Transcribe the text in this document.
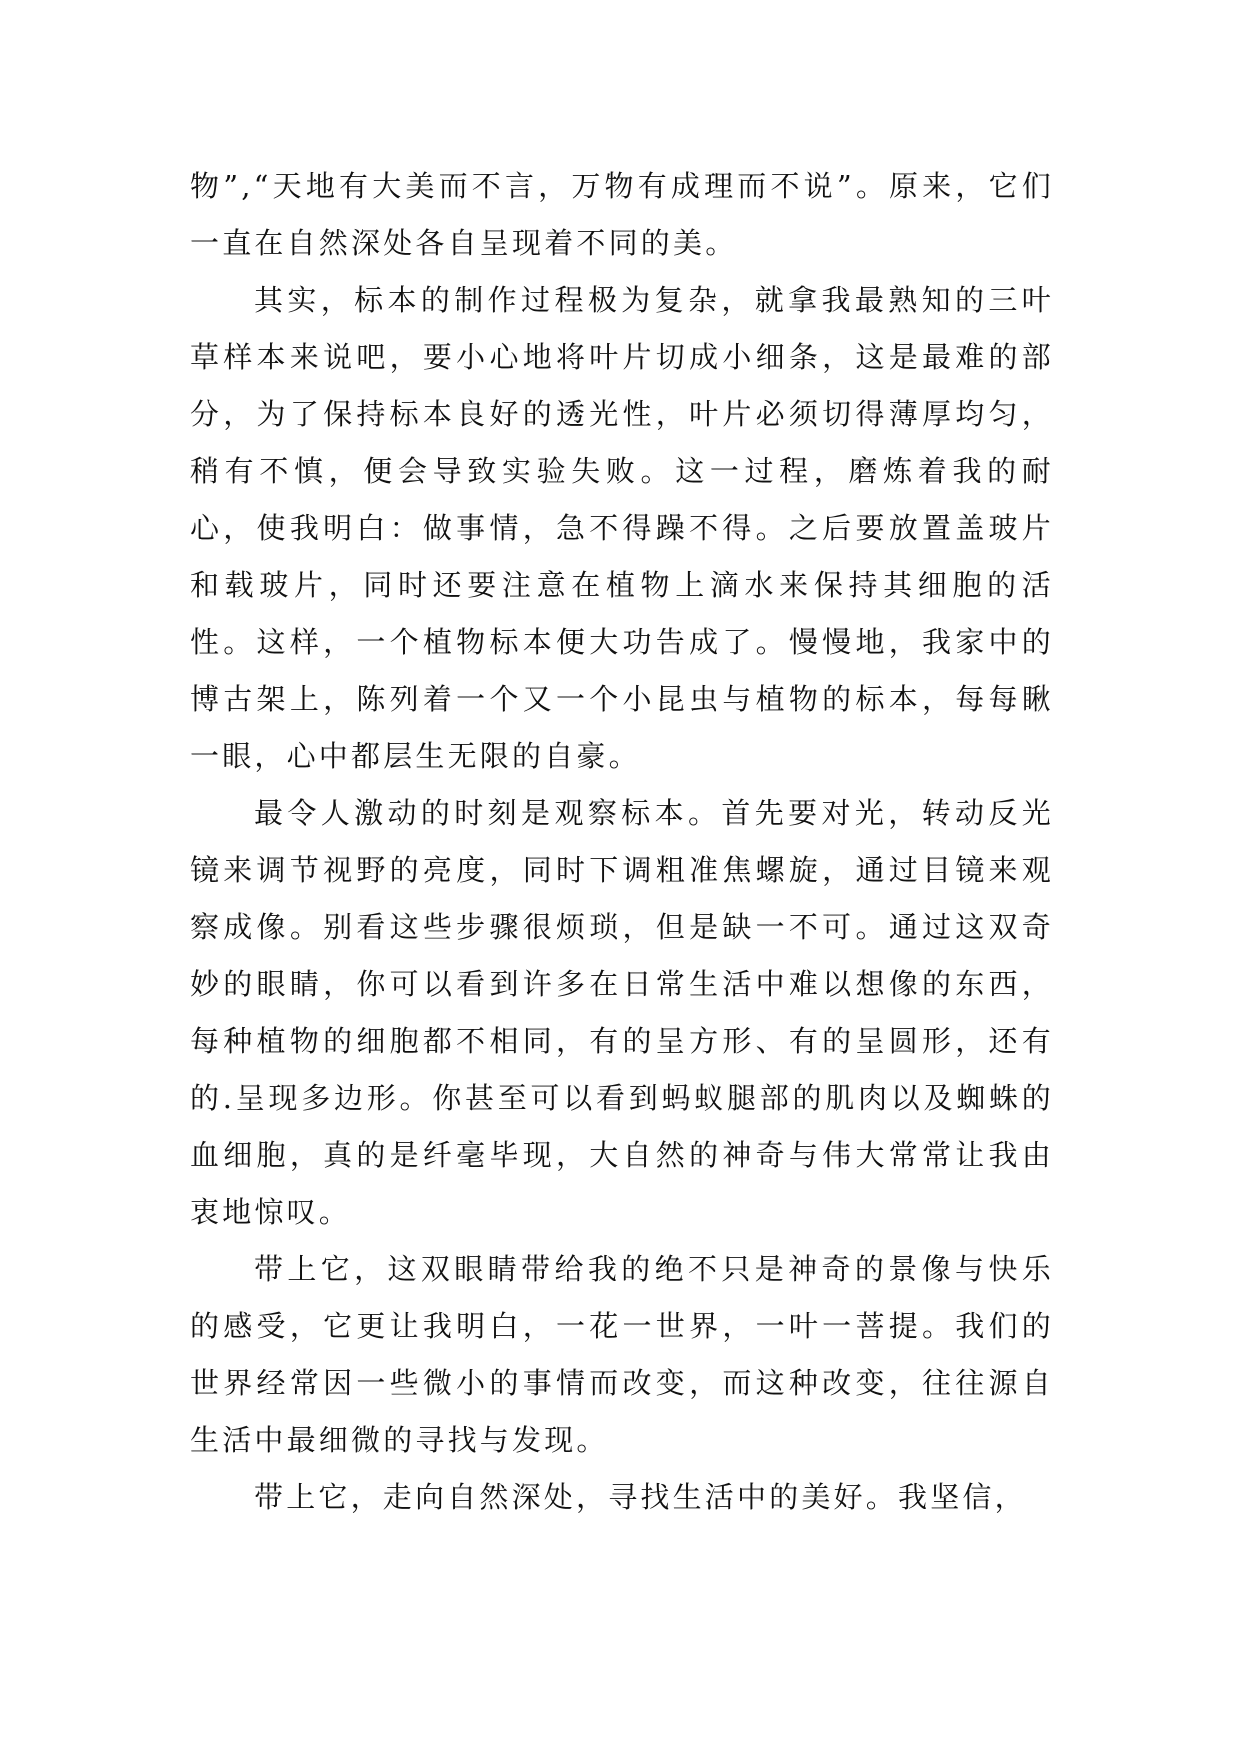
物”,“天地有大美而不言，万物有成理而不说”。原来，它们一直在自然深处各自呈现着不同的美。

其实，标本的制作过程极为复杂，就拿我最熟知的三叶草样本来说吧，要小心地将叶片切成小细条，这是最难的部分，为了保持标本良好的透光性，叶片必须切得薄厚均匀，稍有不慎，便会导致实验失败。这一过程，磨炼着我的耐心，使我明白：做事情，急不得躁不得。之后要放置盖玻片和载玻片，同时还要注意在植物上滴水来保持其细胞的活性。这样，一个植物标本便大功告成了。慢慢地，我家中的博古架上，陈列着一个又一个小昆虫与植物的标本，每每瞅一眼，心中都层生无限的自豪。

最令人激动的时刻是观察标本。首先要对光，转动反光镜来调节视野的亮度，同时下调粗准焦螺旋，通过目镜来观察成像。别看这些步骤很烦琐，但是缺一不可。通过这双奇妙的眼睛，你可以看到许多在日常生活中难以想像的东西，每种植物的细胞都不相同，有的呈方形、有的呈圆形，还有的.呈现多边形。你甚至可以看到蚂蚁腿部的肌肉以及蜘蛛的血细胞，真的是纤毫毕现，大自然的神奇与伟大常常让我由衷地惊叹。

带上它，这双眼睛带给我的绝不只是神奇的景像与快乐的感受，它更让我明白，一花一世界，一叶一菩提。我们的世界经常因一些微小的事情而改变，而这种改变，往往源自生活中最细微的寻找与发现。

带上它，走向自然深处，寻找生活中的美好。我坚信，
